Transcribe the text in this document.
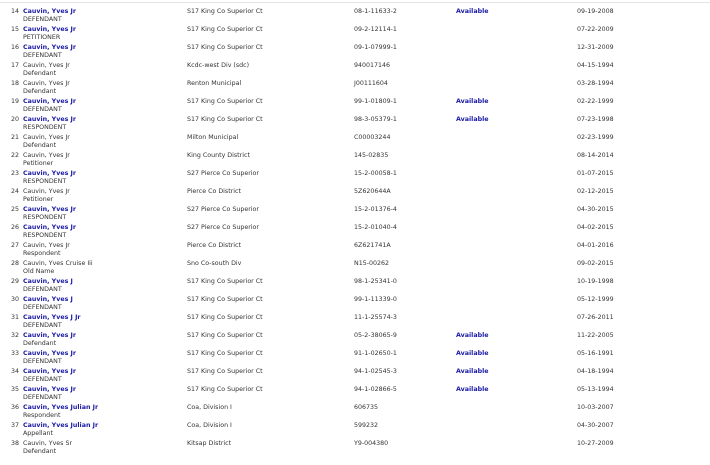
14 Cauvin, Yves Jr
DEFENDANT
S17 King Co Superior Ct	08-1-11633-2	Available	09-19-2008
15 Cauvin, Yves Jr
PETITIONER
S17 King Co Superior Ct	09-2-12114-1	07-22-2009
16 Cauvin, Yves Jr
DEFENDANT
S17 King Co Superior Ct	09-1-07999-1	12-31-2009
17 Cauvin, Yves Jr
Defendant
Kcdc-west Div (sdc)	940017146	04-15-1994
18 Cauvin, Yves Jr
Defendant
Renton Municipal	J00111604	03-28-1994
19 Cauvin, Yves Jr
DEFENDANT
S17 King Co Superior Ct	99-1-01809-1	Available	02-22-1999
20 Cauvin, Yves Jr
RESPONDENT
S17 King Co Superior Ct	98-3-05379-1	Available	07-23-1998
21 Cauvin, Yves Jr
Defendant
Milton Municipal	C00003244	02-23-1999
22 Cauvin, Yves Jr
Petitioner
King County District	145-02835	08-14-2014
23 Cauvin, Yves Jr
RESPONDENT
S27 Pierce Co Superior	15-2-00058-1	01-07-2015
24 Cauvin, Yves Jr
Petitioner
Pierce Co District	5Z620644A	02-12-2015
25 Cauvin, Yves Jr
RESPONDENT
S27 Pierce Co Superior	15-2-01376-4	04-30-2015
26 Cauvin, Yves Jr
RESPONDENT
S27 Pierce Co Superior	15-2-01040-4	04-02-2015
27 Cauvin, Yves Jr
Respondent
Pierce Co District	6Z621741A	04-01-2016
28 Cauvin, Yves Cruise Iii
Old Name
Sno Co-south Div	N15-00262	09-02-2015
29 Cauvin, Yves J
DEFENDANT
S17 King Co Superior Ct	98-1-25341-0	10-19-1998
30 Cauvin, Yves J
DEFENDANT
S17 King Co Superior Ct	99-1-11339-0	05-12-1999
31 Cauvin, Yves J Jr
DEFENDANT
S17 King Co Superior Ct	11-1-25574-3	07-26-2011
32 Cauvin, Yves Jr
Defendant
S17 King Co Superior Ct	05-2-38065-9	Available	11-22-2005
33 Cauvin, Yves Jr
DEFENDANT
S17 King Co Superior Ct	91-1-02650-1	Available	05-16-1991
34 Cauvin, Yves Jr
DEFENDANT
S17 King Co Superior Ct	94-1-02545-3	Available	04-18-1994
35 Cauvin, Yves Jr
DEFENDANT
S17 King Co Superior Ct	94-1-02866-5	Available	05-13-1994
36 Cauvin, Yves Julian Jr
Respondent
Coa, Division I	606735	10-03-2007
37 Cauvin, Yves Julian Jr
Appellant
Coa, Division I	599232	04-30-2007
38 Cauvin, Yves Sr
Defendant
Kitsap District	Y9-004380	10-27-2009
